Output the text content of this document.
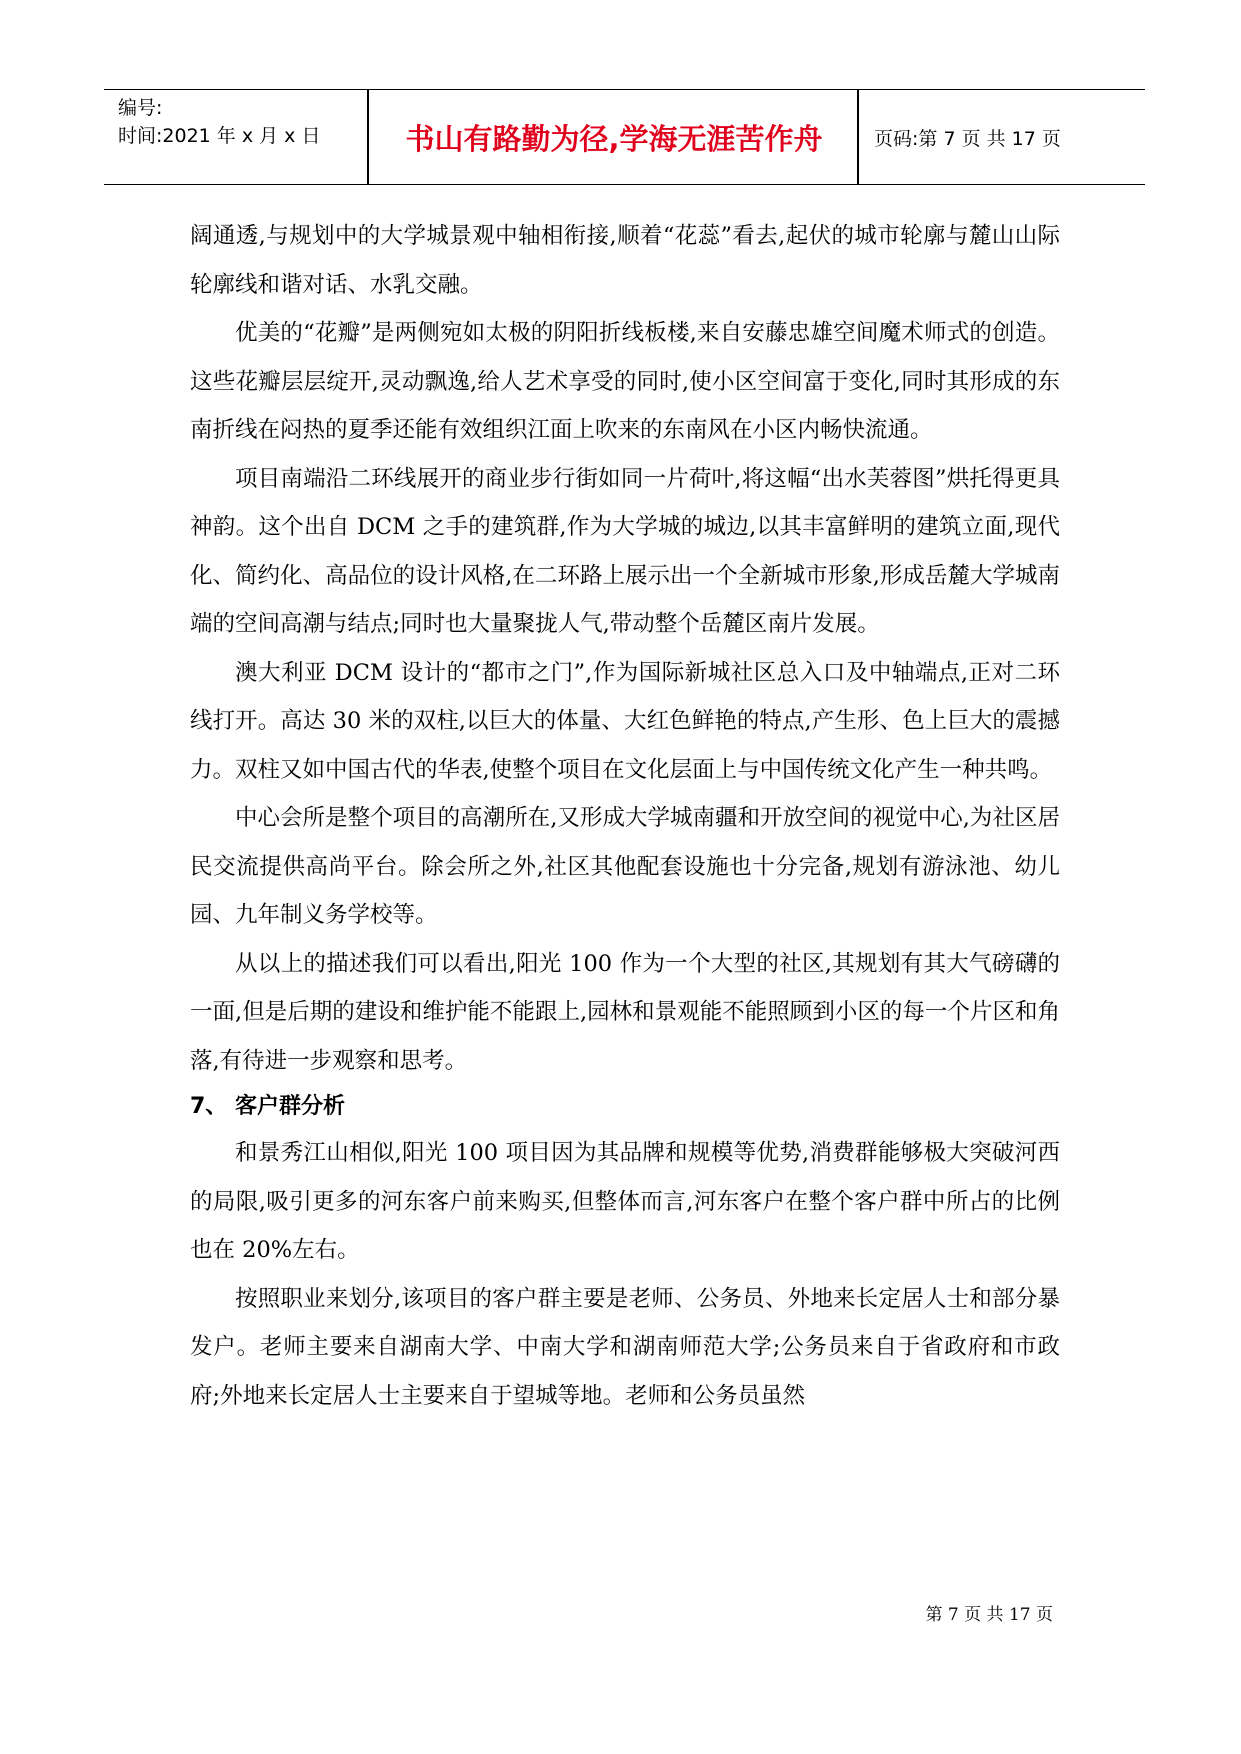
编号:
时间:2021 年 x 月 x 日	书山有路勤为径,学海无涯苦作舟	页码:第 7 页 共 17 页

阔通透,与规划中的大学城景观中轴相衔接,顺着“花蕊”看去,起伏的城市轮廓与麓山山际轮廓线和谐对话、水乳交融。

优美的“花瓣”是两侧宛如太极的阴阳折线板楼,来自安藤忠雄空间魔术师式的创造。这些花瓣层层绽开,灵动飘逸,给人艺术享受的同时,使小区空间富于变化,同时其形成的东南折线在闷热的夏季还能有效组织江面上吹来的东南风在小区内畅快流通。

项目南端沿二环线展开的商业步行街如同一片荷叶,将这幅“出水芙蓉图”烘托得更具神韵。这个出自 DCM 之手的建筑群,作为大学城的城边,以其丰富鲜明的建筑立面,现代化、简约化、高品位的设计风格,在二环路上展示出一个全新城市形象,形成岳麓大学城南端的空间高潮与结点;同时也大量聚拢人气,带动整个岳麓区南片发展。

澳大利亚 DCM 设计的“都市之门”,作为国际新城社区总入口及中轴端点,正对二环线打开。高达 30 米的双柱,以巨大的体量、大红色鲜艳的特点,产生形、色上巨大的震撼力。双柱又如中国古代的华表,使整个项目在文化层面上与中国传统文化产生一种共鸣。

中心会所是整个项目的高潮所在,又形成大学城南疆和开放空间的视觉中心,为社区居民交流提供高尚平台。除会所之外,社区其他配套设施也十分完备,规划有游泳池、幼儿园、九年制义务学校等。

从以上的描述我们可以看出,阳光 100 作为一个大型的社区,其规划有其大气磅礴的一面,但是后期的建设和维护能不能跟上,园林和景观能不能照顾到小区的每一个片区和角落,有待进一步观察和思考。

7、 客户群分析

和景秀江山相似,阳光 100 项目因为其品牌和规模等优势,消费群能够极大突破河西的局限,吸引更多的河东客户前来购买,但整体而言,河东客户在整个客户群中所占的比例也在 20%左右。

按照职业来划分,该项目的客户群主要是老师、公务员、外地来长定居人士和部分暴发户。老师主要来自湖南大学、中南大学和湖南师范大学;公务员来自于省政府和市政府;外地来长定居人士主要来自于望城等地。老师和公务员虽然

第 7 页 共 17 页
